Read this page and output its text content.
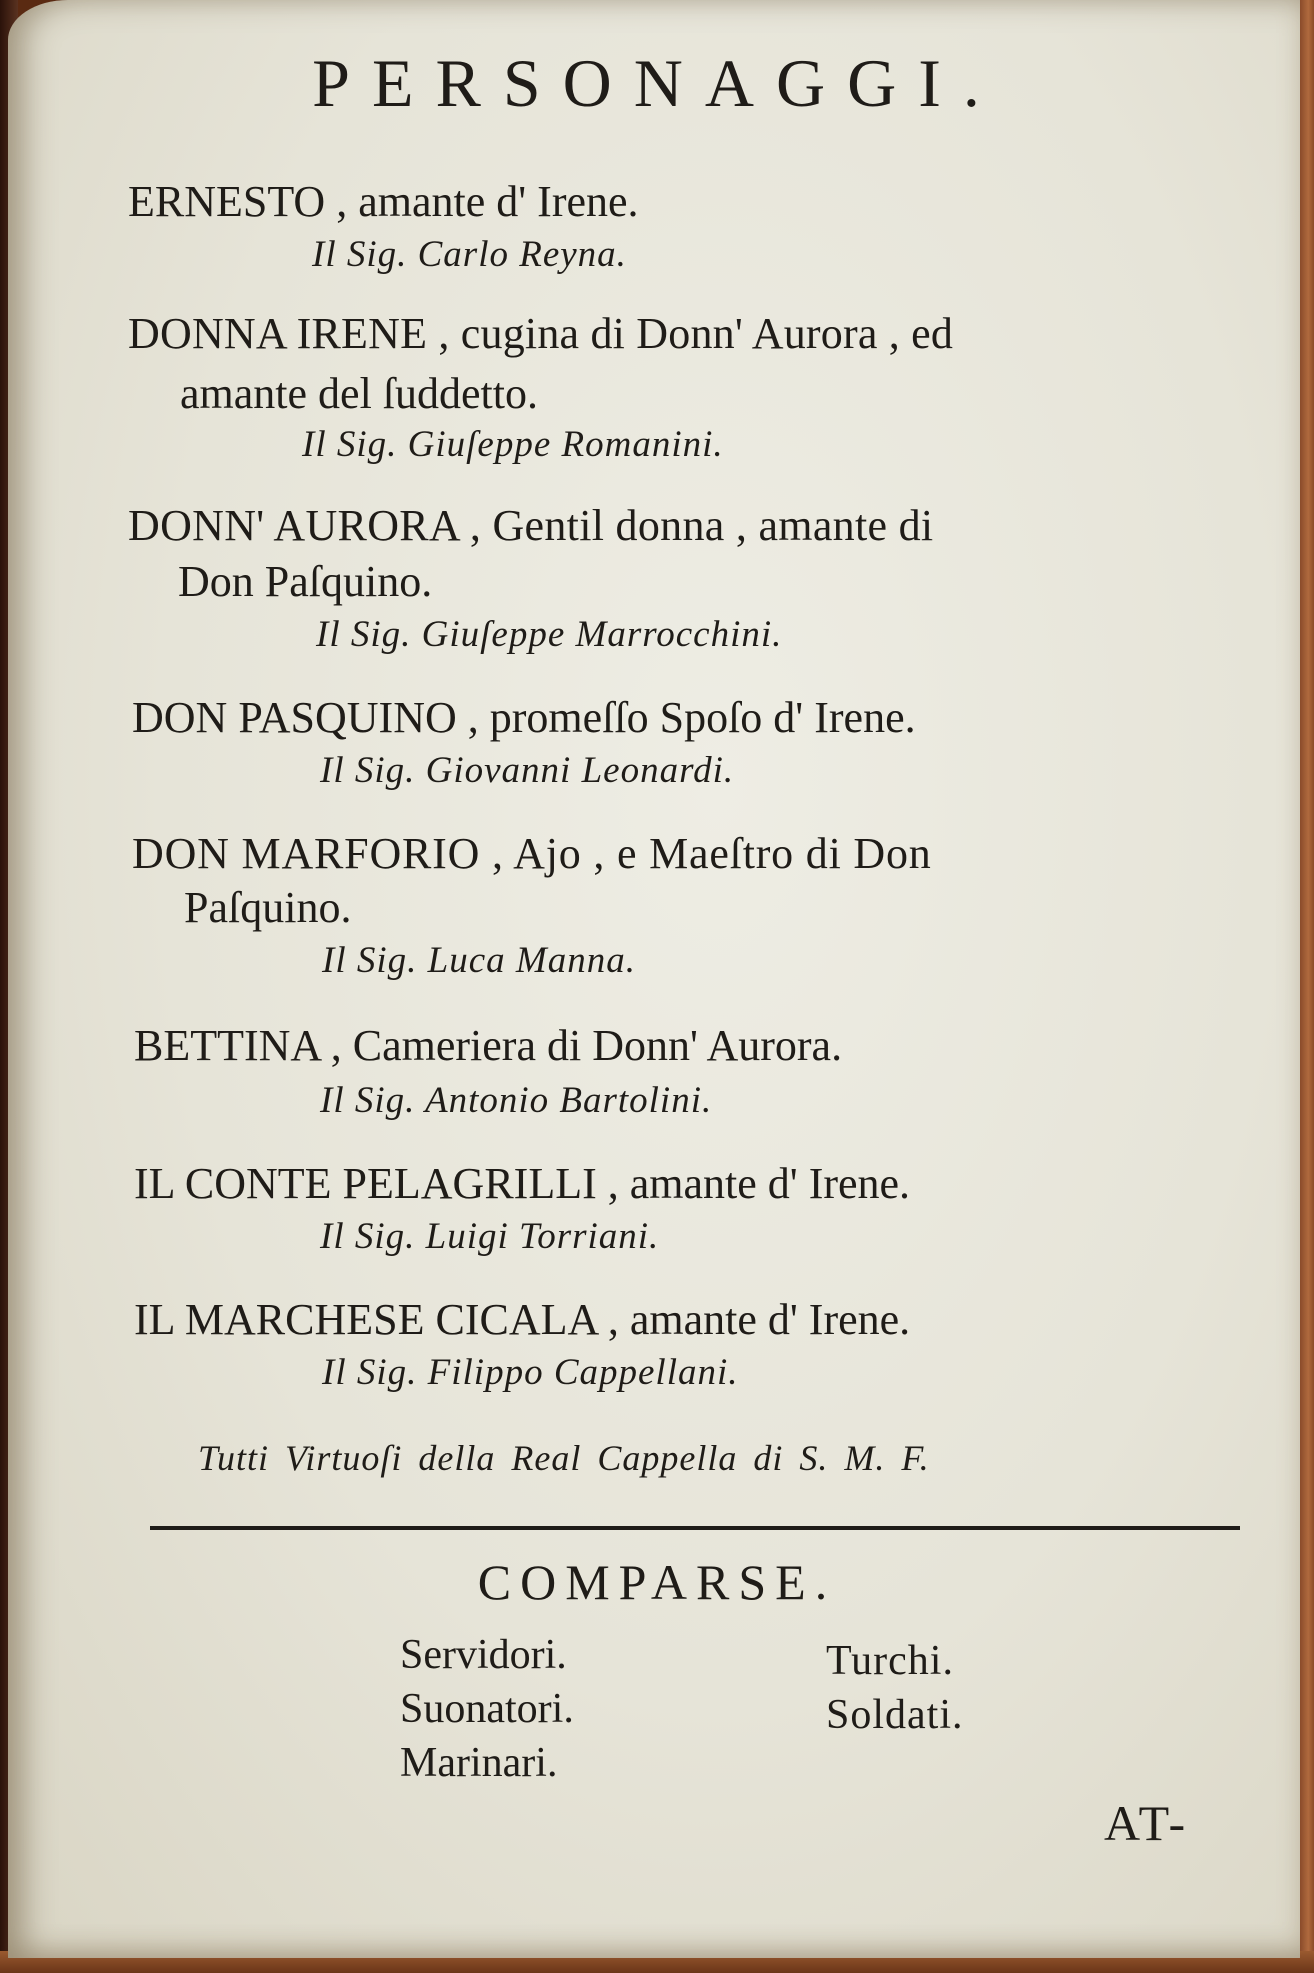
PERSONAGGI.
ERNESTO , amante d' Irene.
Il Sig. Carlo Reyna.
DONNA IRENE , cugina di Donn' Aurora , ed
amante del ſuddetto.
Il Sig. Giuſeppe Romanini.
DONN' AURORA , Gentil donna , amante di
Don Paſquino.
Il Sig. Giuſeppe Marrocchini.
DON PASQUINO , promeſſo Spoſo d' Irene.
Il Sig. Giovanni Leonardi.
DON MARFORIO , Ajo , e Maeſtro di Don
Paſquino.
Il Sig. Luca Manna.
BETTINA , Cameriera di Donn' Aurora.
Il Sig. Antonio Bartolini.
IL CONTE PELAGRILLI , amante d' Irene.
Il Sig. Luigi Torriani.
IL MARCHESE CICALA , amante d' Irene.
Il Sig. Filippo Cappellani.
Tutti Virtuoſi della Real Cappella di S. M. F.
COMPARSE.
Servidori.
Suonatori.
Marinari.
Turchi.
Soldati.
AT-
